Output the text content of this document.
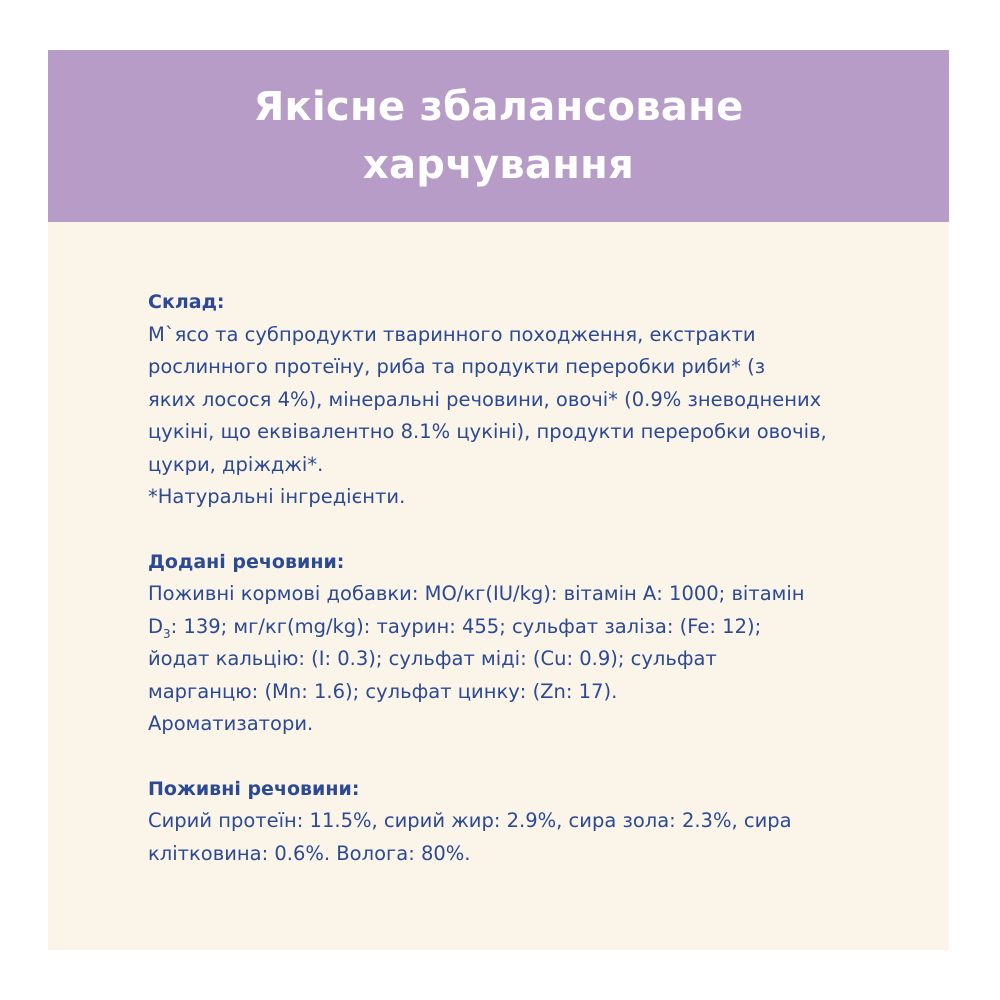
Якісне збалансоване
харчування
Склад:
М`ясо та субпродукти тваринного походження, екстракти
рослинного протеїну, риба та продукти переробки риби* (з
яких лосося 4%), мінеральні речовини, овочі* (0.9% зневоднених
цукіні, що еквівалентно 8.1% цукіні), продукти переробки овочів,
цукри, дріжджі*.
*Натуральні інгредієнти.
Додані речовини:
Поживні кормові добавки: МО/кг(IU/kg): вітамін А: 1000; вітамін
$D_3$: 139; мг/кг(mg/kg): таурин: 455; сульфат заліза: (Fe: 12);
йодат кальцію: (I: 0.3); сульфат міді: (Cu: 0.9); сульфат
марганцю: (Mn: 1.6); сульфат цинку: (Zn: 17).
Ароматизатори.
Поживні речовини:
Сирий протеїн: 11.5%, сирий жир: 2.9%, сира зола: 2.3%, сира
клітковина: 0.6%. Волога: 80%.
